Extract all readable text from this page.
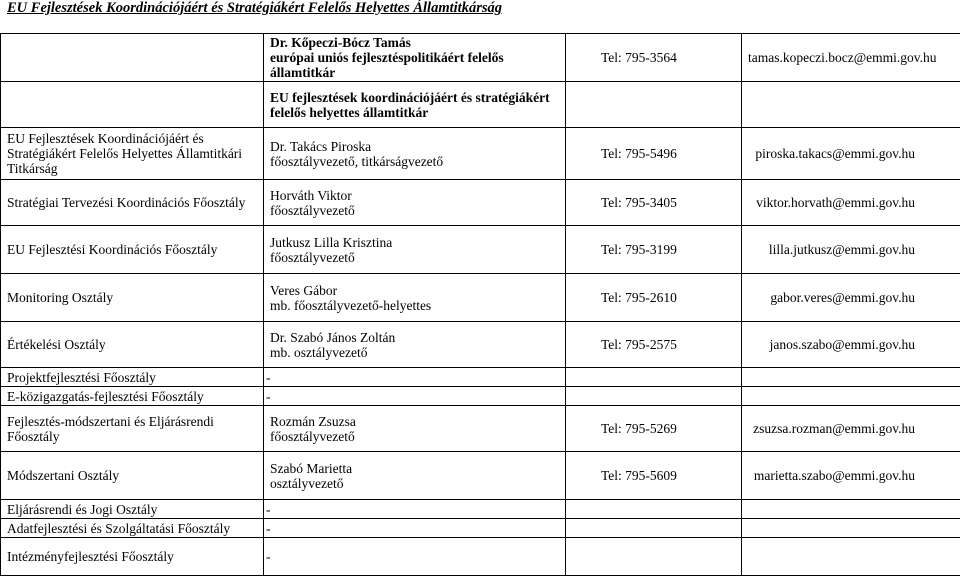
EU Fejlesztések Koordinációjáért és Stratégiákért Felelős Helyettes Államtitkárság

	Dr. Kőpeczi-Bócz Tamás
európai uniós fejlesztéspolitikáért felelős
államtitkár	Tel: 795-3564	tamas.kopeczi.bocz@emmi.gov.hu

	EU fejlesztések koordinációjáért és stratégiákért
felelős helyettes államtitkár		

EU Fejlesztések Koordinációjáért és
Stratégiákért Felelős Helyettes Államtitkári
Titkárság	Dr. Takács Piroska
főosztályvezető, titkárságvezető	Tel: 795-5496	piroska.takacs@emmi.gov.hu

Stratégiai Tervezési Koordinációs Főosztály	Horváth Viktor
főosztályvezető	Tel: 795-3405	viktor.horvath@emmi.gov.hu

EU Fejlesztési Koordinációs Főosztály	Jutkusz Lilla Krisztina
főosztályvezető	Tel: 795-3199	lilla.jutkusz@emmi.gov.hu

Monitoring Osztály	Veres Gábor
mb. főosztályvezető-helyettes	Tel: 795-2610	gabor.veres@emmi.gov.hu

Értékelési Osztály	Dr. Szabó János Zoltán
mb. osztályvezető	Tel: 795-2575	janos.szabo@emmi.gov.hu
Projektfejlesztési Főosztály	-		
E-közigazgatás-fejlesztési Főosztály	-		

Fejlesztés-módszertani és Eljárásrendi
Főosztály	Rozmán Zsuzsa
főosztályvezető	Tel: 795-5269	zsuzsa.rozman@emmi.gov.hu

Módszertani Osztály	Szabó Marietta
osztályvezető	Tel: 795-5609	marietta.szabo@emmi.gov.hu
Eljárásrendi és Jogi Osztály	-		
Adatfejlesztési és Szolgáltatási Főosztály	-		
Intézményfejlesztési Főosztály	-		
